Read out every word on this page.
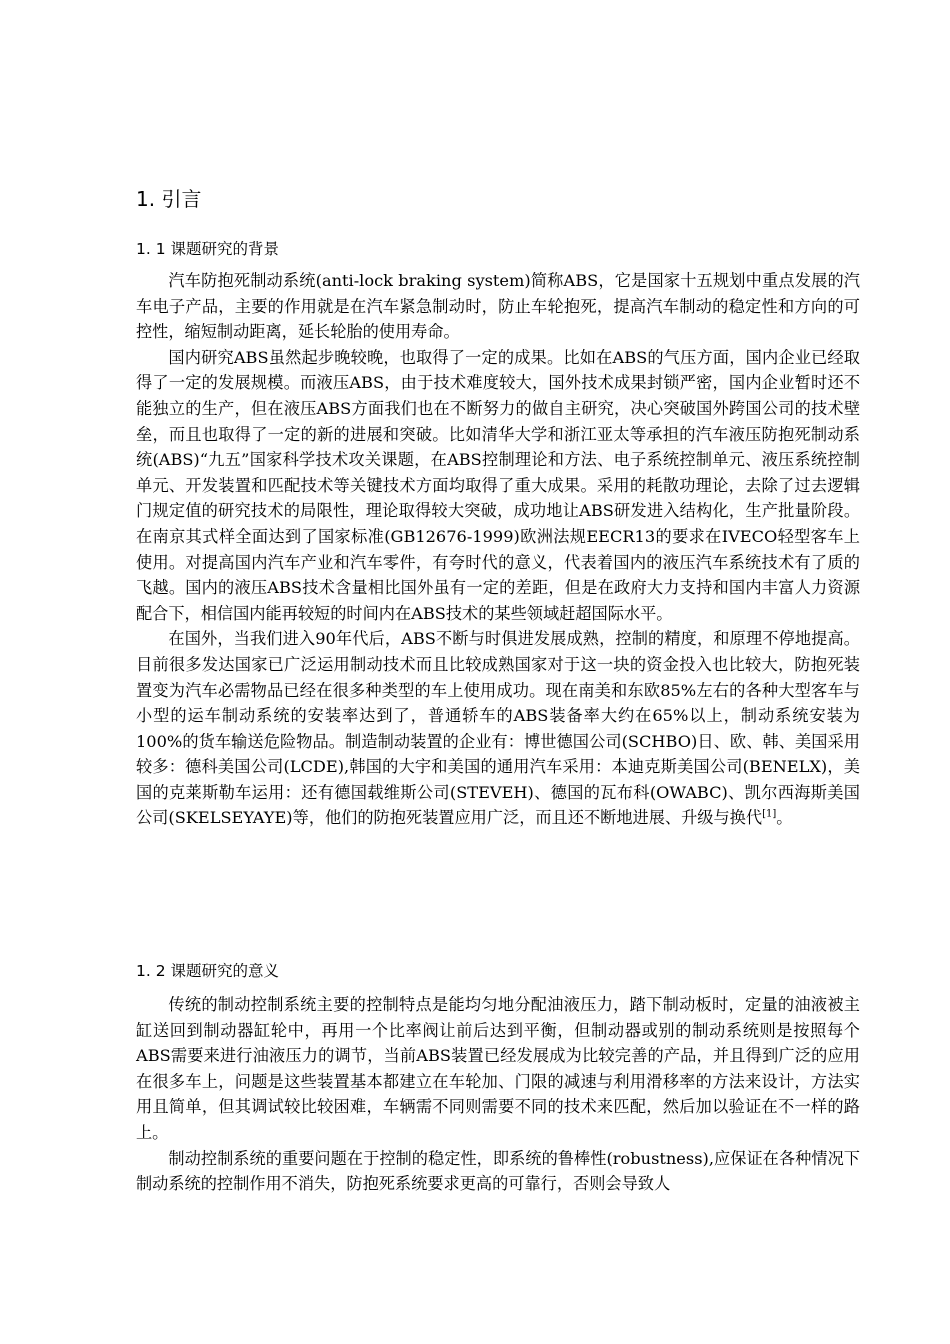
1. 引言
1. 1 课题研究的背景

汽车防抱死制动系统(anti-lock braking system)简称ABS，它是国家十五规划中重点发展的汽车电子产品，主要的作用就是在汽车紧急制动时，防止车轮抱死，提高汽车制动的稳定性和方向的可控性，缩短制动距离，延长轮胎的使用寿命。

国内研究ABS虽然起步晚较晚，也取得了一定的成果。比如在ABS的气压方面，国内企业已经取得了一定的发展规模。而液压ABS，由于技术难度较大，国外技术成果封锁严密，国内企业暂时还不能独立的生产，但在液压ABS方面我们也在不断努力的做自主研究，决心突破国外跨国公司的技术壁垒，而且也取得了一定的新的进展和突破。比如清华大学和浙江亚太等承担的汽车液压防抱死制动系统(ABS)“九五”国家科学技术攻关课题，在ABS控制理论和方法、电子系统控制单元、液压系统控制单元、开发装置和匹配技术等关键技术方面均取得了重大成果。采用的耗散功理论，去除了过去逻辑门规定值的研究技术的局限性，理论取得较大突破，成功地让ABS研发进入结构化，生产批量阶段。在南京其式样全面达到了国家标准(GB12676-1999)欧洲法规EECR13的要求在IVECO轻型客车上使用。对提高国内汽车产业和汽车零件，有夸时代的意义，代表着国内的液压汽车系统技术有了质的飞越。国内的液压ABS技术含量相比国外虽有一定的差距，但是在政府大力支持和国内丰富人力资源配合下，相信国内能再较短的时间内在ABS技术的某些领域赶超国际水平。

在国外，当我们进入90年代后，ABS不断与时俱进发展成熟，控制的精度，和原理不停地提高。目前很多发达国家已广泛运用制动技术而且比较成熟国家对于这一块的资金投入也比较大，防抱死装置变为汽车必需物品已经在很多种类型的车上使用成功。现在南美和东欧85%左右的各种大型客车与小型的运车制动系统的安装率达到了，普通轿车的ABS装备率大约在65%以上，制动系统安装为100%的货车输送危险物品。制造制动装置的企业有：博世德国公司(SCHBO)日、欧、韩、美国采用较多：德科美国公司(LCDE),韩国的大宇和美国的通用汽车采用：本迪克斯美国公司(BENELX)，美国的克莱斯勒车运用：还有德国载维斯公司(STEVEH)、德国的瓦布科(OWABC)、凯尔西海斯美国公司(SKELSEYAYE)等，他们的防抱死装置应用广泛，而且还不断地进展、升级与换代[1]。

1. 2 课题研究的意义

传统的制动控制系统主要的控制特点是能均匀地分配油液压力，踏下制动板时，定量的油液被主缸送回到制动器缸轮中，再用一个比率阀让前后达到平衡，但制动器或别的制动系统则是按照每个ABS需要来进行油液压力的调节，当前ABS装置已经发展成为比较完善的产品，并且得到广泛的应用在很多车上，问题是这些装置基本都建立在车轮加、门限的减速与利用滑移率的方法来设计，方法实用且简单，但其调试较比较困难，车辆需不同则需要不同的技术来匹配，然后加以验证在不一样的路上。

制动控制系统的重要问题在于控制的稳定性，即系统的鲁棒性(robustness),应保证在各种情况下制动系统的控制作用不消失，防抱死系统要求更高的可靠行，否则会导致人
